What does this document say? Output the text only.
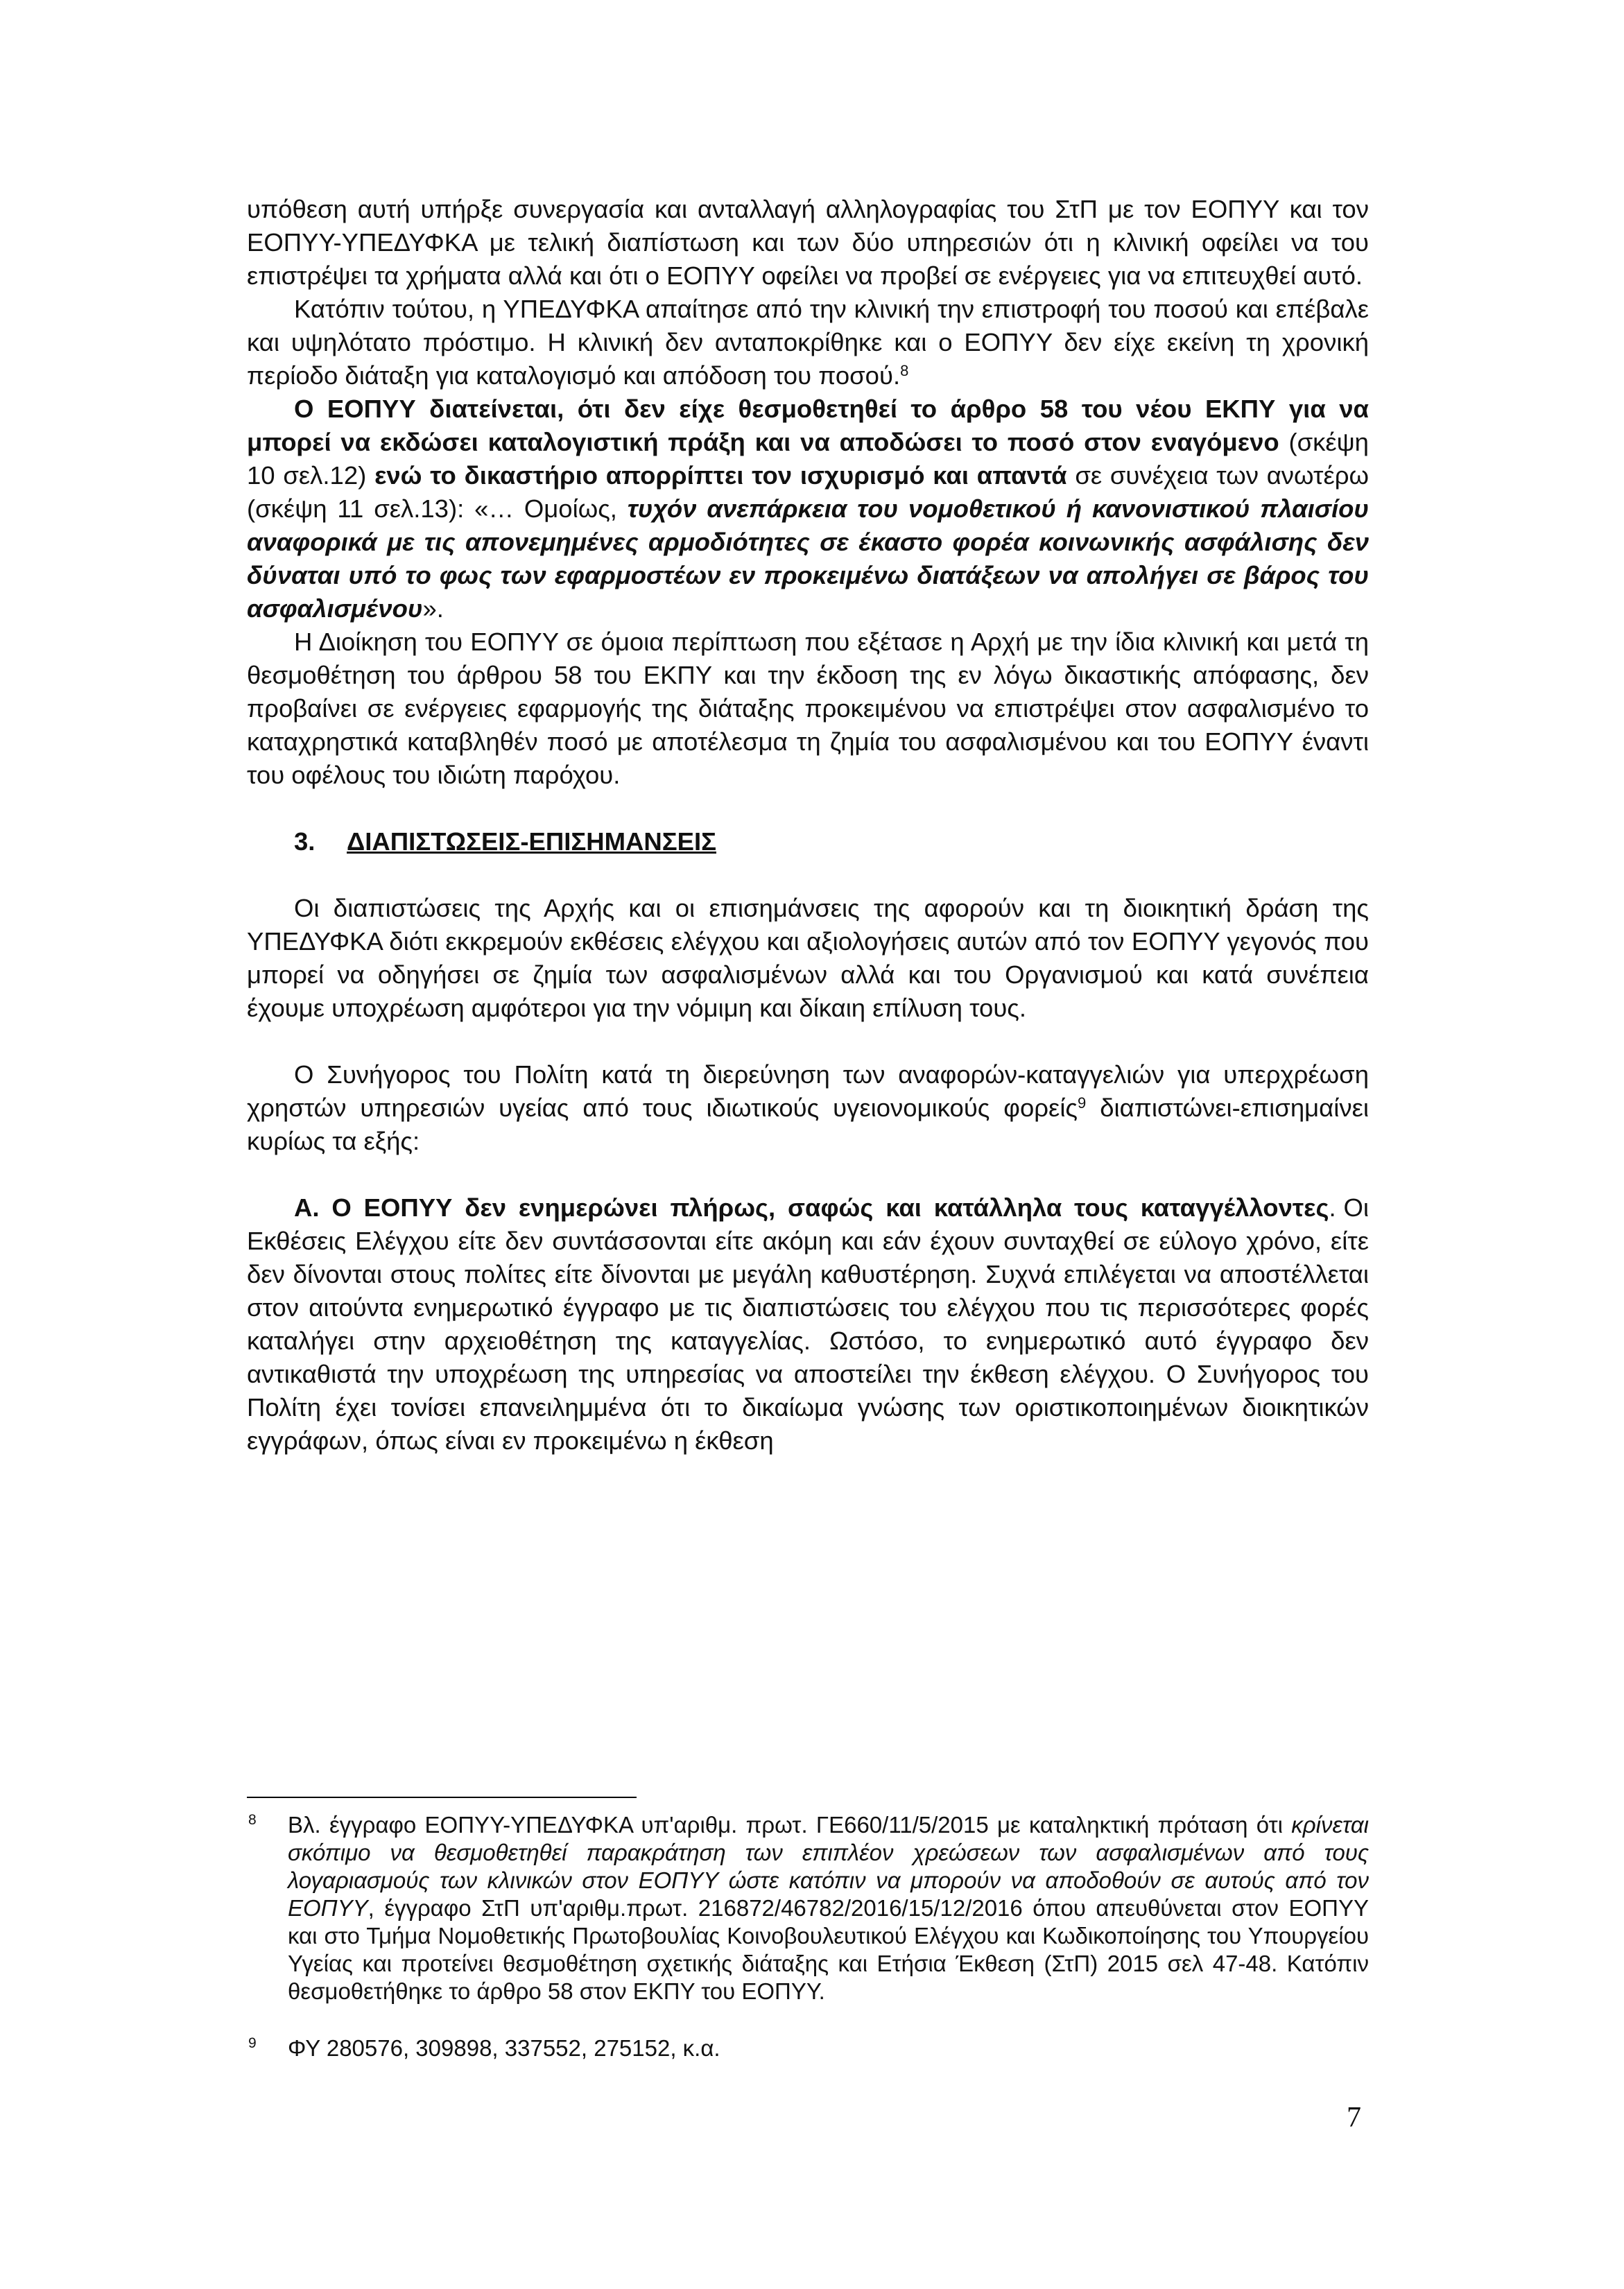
υπόθεση αυτή υπήρξε συνεργασία και ανταλλαγή αλληλογραφίας του ΣτΠ με τον ΕΟΠΥΥ και τον ΕΟΠΥΥ-ΥΠΕΔΥΦΚΑ με τελική διαπίστωση και των δύο υπηρεσιών ότι η κλινική οφείλει να του επιστρέψει τα χρήματα αλλά και ότι ο ΕΟΠΥΥ οφείλει να προβεί σε ενέργειες για να επιτευχθεί αυτό.

Κατόπιν τούτου, η ΥΠΕΔΥΦΚΑ απαίτησε από την κλινική την επιστροφή του ποσού και επέβαλε και υψηλότατο πρόστιμο. Η κλινική δεν ανταποκρίθηκε και ο ΕΟΠΥΥ δεν είχε εκείνη τη χρονική περίοδο διάταξη για καταλογισμό και απόδοση του ποσού.$^8$

Ο ΕΟΠΥΥ διατείνεται, ότι δεν είχε θεσμοθετηθεί το άρθρο 58 του νέου ΕΚΠΥ για να μπορεί να εκδώσει καταλογιστική πράξη και να αποδώσει το ποσό στον εναγόμενο (σκέψη 10 σελ.12) ενώ το δικαστήριο απορρίπτει τον ισχυρισμό και απαντά σε συνέχεια των ανωτέρω (σκέψη 11 σελ.13): «… Ομοίως, τυχόν ανεπάρκεια του νομοθετικού ή κανονιστικού πλαισίου αναφορικά με τις απονεμημένες αρμοδιότητες σε έκαστο φορέα κοινωνικής ασφάλισης δεν δύναται υπό το φως των εφαρμοστέων εν προκειμένω διατάξεων να απολήγει σε βάρος του ασφαλισμένου».

Η Διοίκηση του ΕΟΠΥΥ σε όμοια περίπτωση που εξέτασε η Αρχή με την ίδια κλινική και μετά τη θεσμοθέτηση του άρθρου 58 του ΕΚΠΥ και την έκδοση της εν λόγω δικαστικής απόφασης, δεν προβαίνει σε ενέργειες εφαρμογής της διάταξης προκειμένου να επιστρέψει στον ασφαλισμένο το καταχρηστικά καταβληθέν ποσό με αποτέλεσμα τη ζημία του ασφαλισμένου και του ΕΟΠΥΥ έναντι του οφέλους του ιδιώτη παρόχου.

3. ΔΙΑΠΙΣΤΩΣΕΙΣ-ΕΠΙΣΗΜΑΝΣΕΙΣ

Οι διαπιστώσεις της Αρχής και οι επισημάνσεις της αφορούν και τη διοικητική δράση της ΥΠΕΔΥΦΚΑ διότι εκκρεμούν εκθέσεις ελέγχου και αξιολογήσεις αυτών από τον ΕΟΠΥΥ γεγονός που μπορεί να οδηγήσει σε ζημία των ασφαλισμένων αλλά και του Οργανισμού και κατά συνέπεια έχουμε υποχρέωση αμφότεροι για την νόμιμη και δίκαιη επίλυση τους.

Ο Συνήγορος του Πολίτη κατά τη διερεύνηση των αναφορών-καταγγελιών για υπερχρέωση χρηστών υπηρεσιών υγείας από τους ιδιωτικούς υγειονομικούς φορείς$^9$ διαπιστώνει-επισημαίνει κυρίως τα εξής:

Α. Ο ΕΟΠΥΥ δεν ενημερώνει πλήρως, σαφώς και κατάλληλα τους καταγγέλλοντες. Οι Εκθέσεις Ελέγχου είτε δεν συντάσσονται είτε ακόμη και εάν έχουν συνταχθεί σε εύλογο χρόνο, είτε δεν δίνονται στους πολίτες είτε δίνονται με μεγάλη καθυστέρηση. Συχνά επιλέγεται να αποστέλλεται στον αιτούντα ενημερωτικό έγγραφο με τις διαπιστώσεις του ελέγχου που τις περισσότερες φορές καταλήγει στην αρχειοθέτηση της καταγγελίας. Ωστόσο, το ενημερωτικό αυτό έγγραφο δεν αντικαθιστά την υποχρέωση της υπηρεσίας να αποστείλει την έκθεση ελέγχου. Ο Συνήγορος του Πολίτη έχει τονίσει επανειλημμένα ότι το δικαίωμα γνώσης των οριστικοποιημένων διοικητικών εγγράφων, όπως είναι εν προκειμένω η έκθεση

8 Βλ. έγγραφο ΕΟΠΥΥ-ΥΠΕΔΥΦΚΑ υπ'αριθμ. πρωτ. ΓΕ660/11/5/2015 με καταληκτική πρόταση ότι κρίνεται σκόπιμο να θεσμοθετηθεί παρακράτηση των επιπλέον χρεώσεων των ασφαλισμένων από τους λογαριασμούς των κλινικών στον ΕΟΠΥΥ ώστε κατόπιν να μπορούν να αποδοθούν σε αυτούς από τον ΕΟΠΥΥ, έγγραφο ΣτΠ υπ'αριθμ.πρωτ. 216872/46782/2016/15/12/2016 όπου απευθύνεται στον ΕΟΠΥΥ και στο Τμήμα Νομοθετικής Πρωτοβουλίας Κοινοβουλευτικού Ελέγχου και Κωδικοποίησης του Υπουργείου Υγείας και προτείνει θεσμοθέτηση σχετικής διάταξης και Ετήσια Έκθεση (ΣτΠ) 2015 σελ 47-48. Κατόπιν θεσμοθετήθηκε το άρθρο 58 στον ΕΚΠΥ του ΕΟΠΥΥ.

9 ΦΥ 280576, 309898, 337552, 275152, κ.α.

7
